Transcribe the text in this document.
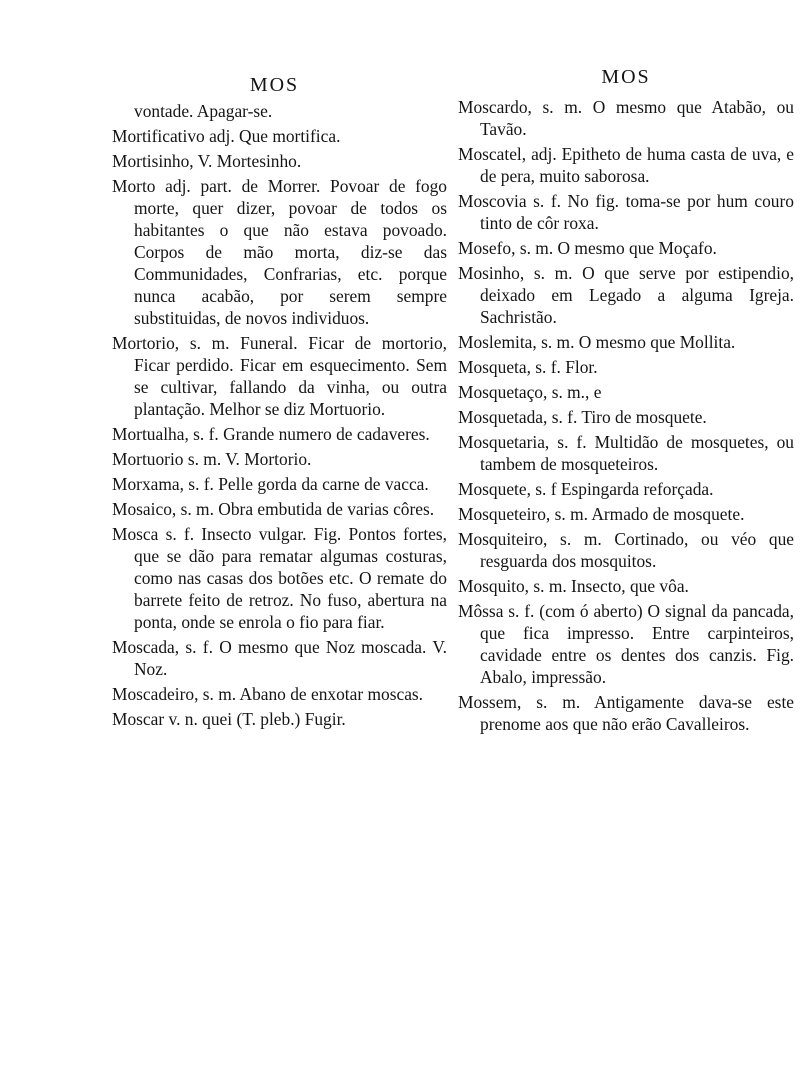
MOS
vontade. Apagar-se.
Mortificativo adj. Que mortifica.
Mortisinho, V. Mortesinho.
Morto adj. part. de Morrer. Povoar de fogo morte, quer dizer, povoar de todos os habitantes o que não estava povoado. Corpos de mão morta, diz-se das Communidades, Confrarias, etc. porque nunca acabão, por serem sempre substituidas, de novos individuos.
Mortorio, s. m. Funeral. Ficar de mortorio, Ficar perdido. Ficar em esquecimento. Sem se cultivar, fallando da vinha, ou outra plantação. Melhor se diz Mortuorio.
Mortualha, s. f. Grande numero de cadaveres.
Mortuorio s. m. V. Mortorio.
Morxama, s. f. Pelle gorda da carne de vacca.
Mosaico, s. m. Obra embutida de varias côres.
Mosca s. f. Insecto vulgar. Fig. Pontos fortes, que se dão para rematar algumas costuras, como nas casas dos botões etc. O remate do barrete feito de retroz. No fuso, abertura na ponta, onde se enrola o fio para fiar.
Moscada, s. f. O mesmo que Noz moscada. V. Noz.
Moscadeiro, s. m. Abano de enxotar moscas.
Moscar v. n. quei (T. pleb.) Fugir.
MOS
Moscardo, s. m. O mesmo que Atabão, ou Tavão.
Moscatel, adj. Epitheto de huma casta de uva, e de pera, muito saborosa.
Moscovia s. f. No fig. toma-se por hum couro tinto de côr roxa.
Mosefo, s. m. O mesmo que Moçafo.
Mosinho, s. m. O que serve por estipendio, deixado em Legado a alguma Igreja. Sachristão.
Moslemita, s. m. O mesmo que Mollita.
Mosqueta, s. f. Flor.
Mosquetaço, s. m., e
Mosquetada, s. f. Tiro de mosquete.
Mosquetaria, s. f. Multidão de mosquetes, ou tambem de mosqueteiros.
Mosquete, s. f Espingarda reforçada.
Mosqueteiro, s. m. Armado de mosquete.
Mosquiteiro, s. m. Cortinado, ou véo que resguarda dos mosquitos.
Mosquito, s. m. Insecto, que vôa.
Môssa s. f. (com ó aberto) O signal da pancada, que fica impresso. Entre carpinteiros, cavidade entre os dentes dos canzis. Fig. Abalo, impressão.
Mossem, s. m. Antigamente dava-se este prenome aos que não erão Cavalleiros.
